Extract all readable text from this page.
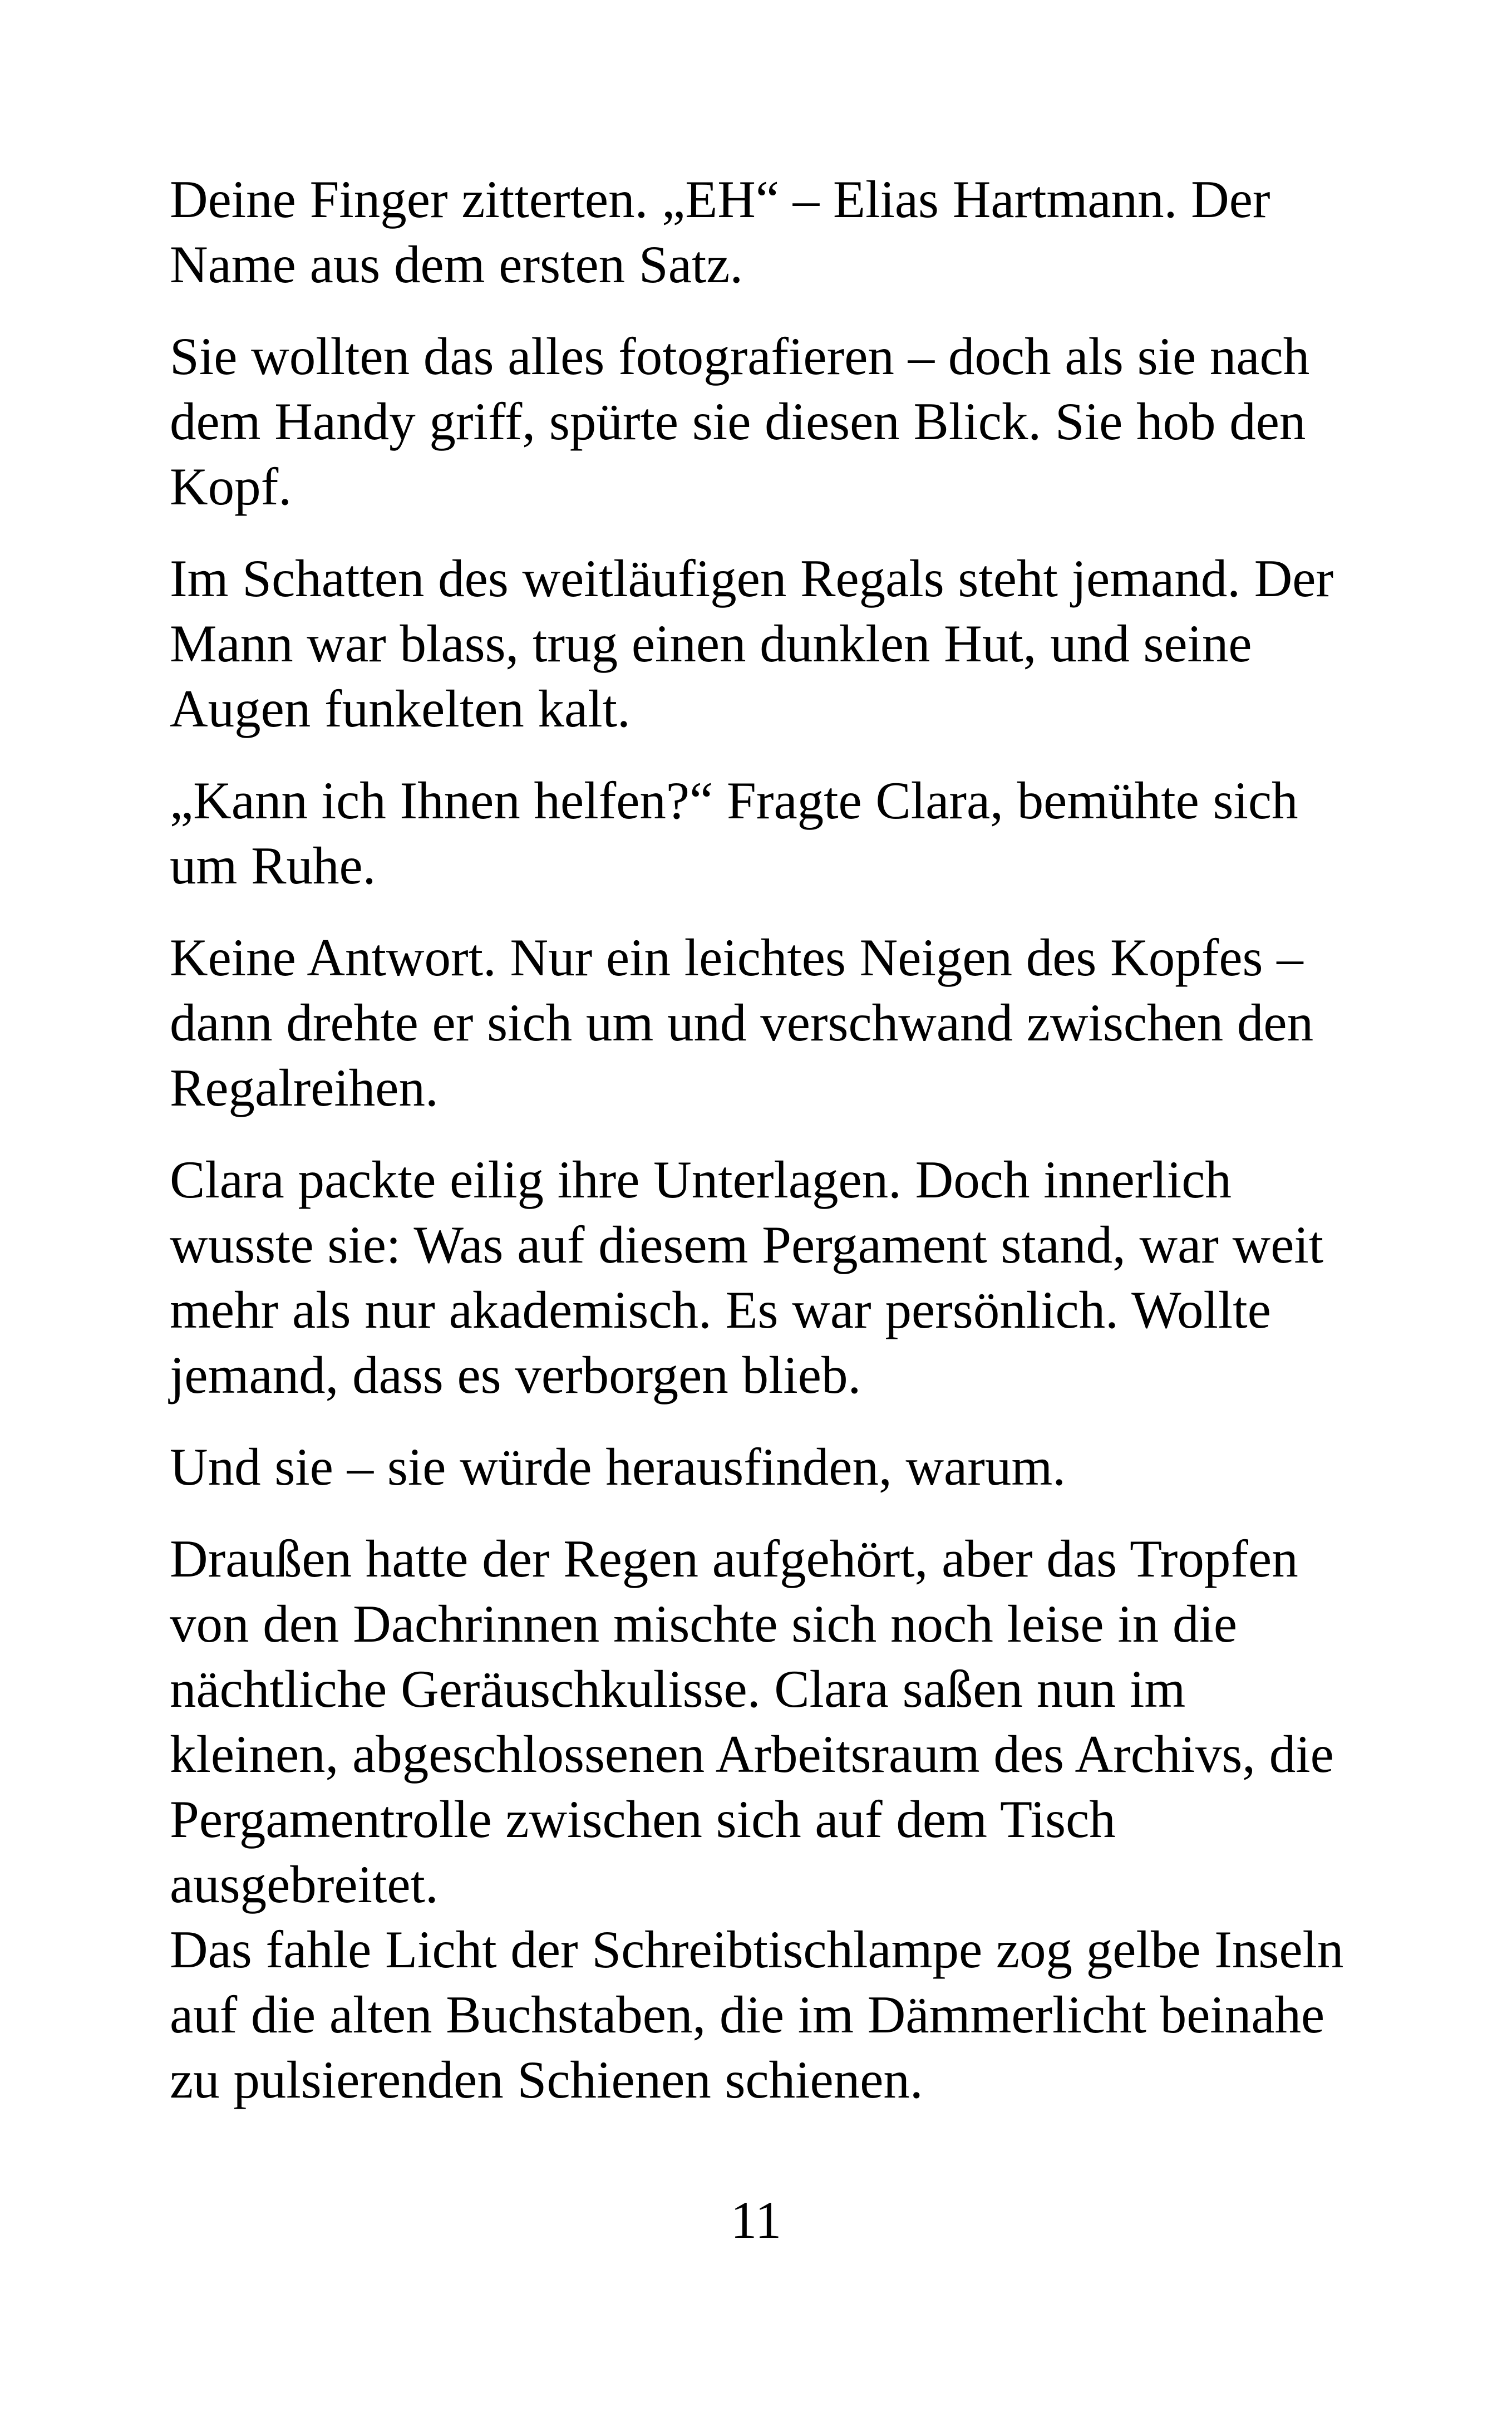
Deine Finger zitterten. „EH“ – Elias Hartmann. Der Name aus dem ersten Satz.

Sie wollten das alles fotografieren – doch als sie nach dem Handy griff, spürte sie diesen Blick. Sie hob den Kopf.

Im Schatten des weitläufigen Regals steht jemand. Der Mann war blass, trug einen dunklen Hut, und seine Augen funkelten kalt.

„Kann ich Ihnen helfen?“ Fragte Clara, bemühte sich um Ruhe.

Keine Antwort. Nur ein leichtes Neigen des Kopfes – dann drehte er sich um und verschwand zwischen den Regalreihen.

Clara packte eilig ihre Unterlagen. Doch innerlich wusste sie: Was auf diesem Pergament stand, war weit mehr als nur akademisch. Es war persönlich. Wollte jemand, dass es verborgen blieb.

Und sie – sie würde herausfinden, warum.

Draußen hatte der Regen aufgehört, aber das Tropfen von den Dachrinnen mischte sich noch leise in die nächtliche Geräuschkulisse. Clara saßen nun im kleinen, abgeschlossenen Arbeitsraum des Archivs, die Pergamentrolle zwischen sich auf dem Tisch ausgebreitet.

Das fahle Licht der Schreibtischlampe zog gelbe Inseln auf die alten Buchstaben, die im Dämmerlicht beinahe zu pulsierenden Schienen schienen.

11
